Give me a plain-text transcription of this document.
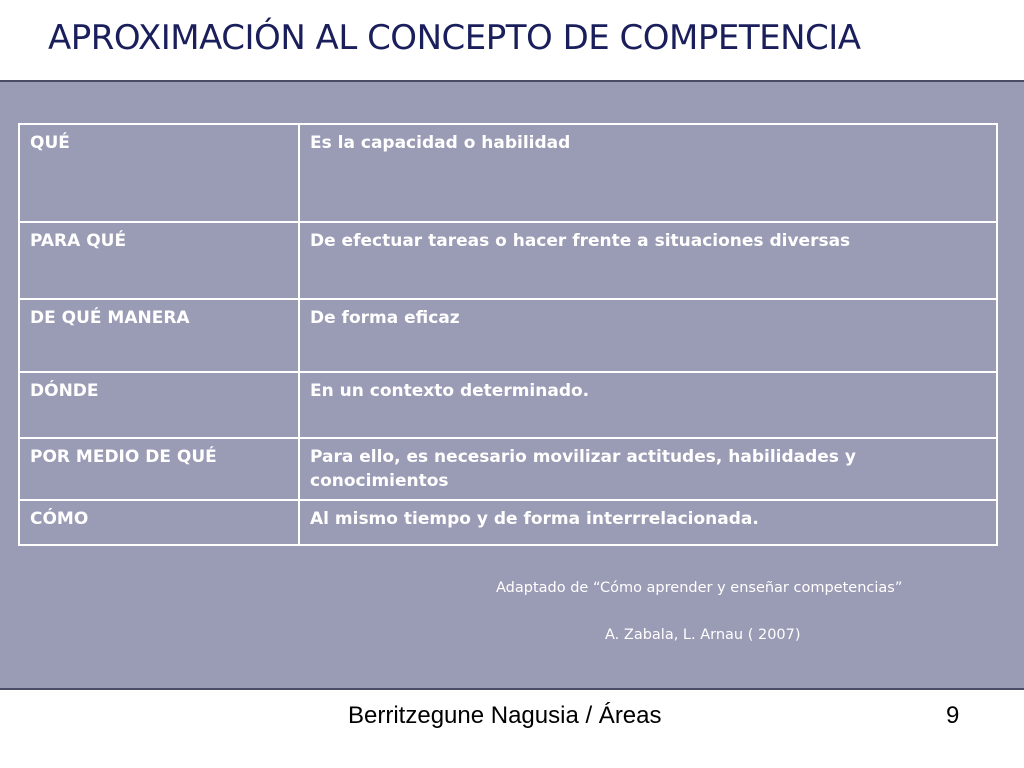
APROXIMACIÓN AL CONCEPTO DE COMPETENCIA
QUÉ	Es la capacidad o habilidad
PARA QUÉ	De efectuar tareas o hacer frente a situaciones diversas
DE QUÉ MANERA	De forma eficaz
DÓNDE	En un contexto determinado.
POR MEDIO DE QUÉ	Para ello, es necesario movilizar actitudes, habilidades y conocimientos
CÓMO	Al mismo tiempo y de forma interrrelacionada.
Adaptado de “Cómo aprender y enseñar competencias”
A. Zabala, L. Arnau ( 2007)
Berritzegune Nagusia / Áreas	9
